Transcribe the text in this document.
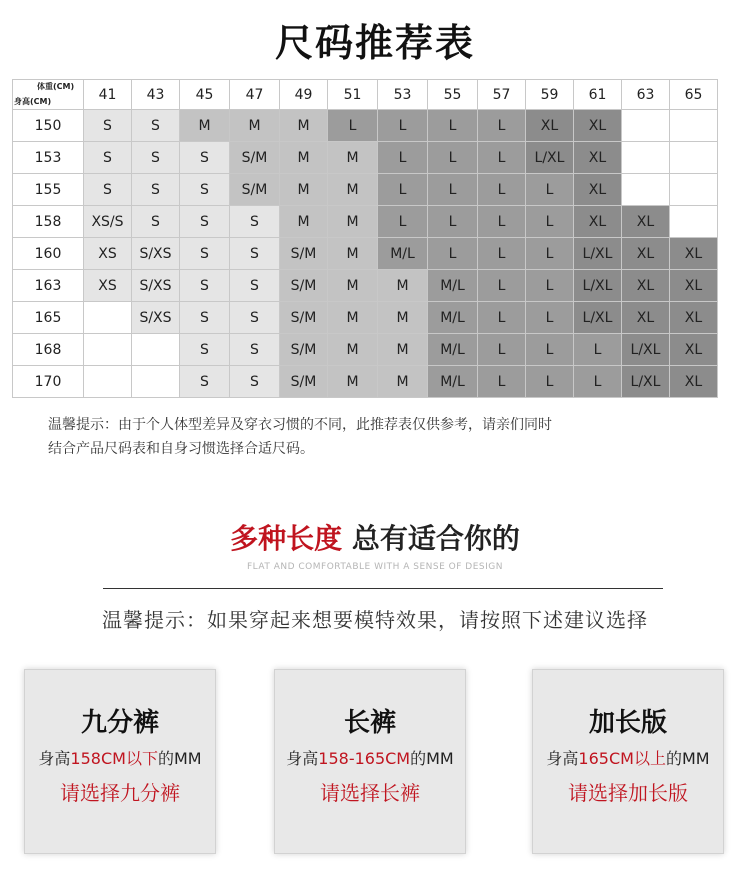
尺码推荐表
体重(CM)
身高(CM)	41	43	45	47	49	51	53	55	57	59	61	63	65
150	S	S	M	M	M	L	L	L	L	XL	XL		
153	S	S	S	S/M	M	M	L	L	L	L/XL	XL		
155	S	S	S	S/M	M	M	L	L	L	L	XL		
158	XS/S	S	S	S	M	M	L	L	L	L	XL	XL	
160	XS	S/XS	S	S	S/M	M	M/L	L	L	L	L/XL	XL	XL
163	XS	S/XS	S	S	S/M	M	M	M/L	L	L	L/XL	XL	XL
165		S/XS	S	S	S/M	M	M	M/L	L	L	L/XL	XL	XL
168			S	S	S/M	M	M	M/L	L	L	L	L/XL	XL
170			S	S	S/M	M	M	M/L	L	L	L	L/XL	XL
温馨提示：由于个人体型差异及穿衣习惯的不同，此推荐表仅供参考，请亲们同时
结合产品尺码表和自身习惯选择合适尺码。
多种长度 总有适合你的
FLAT AND COMFORTABLE WITH A SENSE OF DESIGN
温馨提示：如果穿起来想要模特效果，请按照下述建议选择
九分裤
身高158CM以下的MM
请选择九分裤
长裤
身高158-165CM的MM
请选择长裤
加长版
身高165CM以上的MM
请选择加长版
